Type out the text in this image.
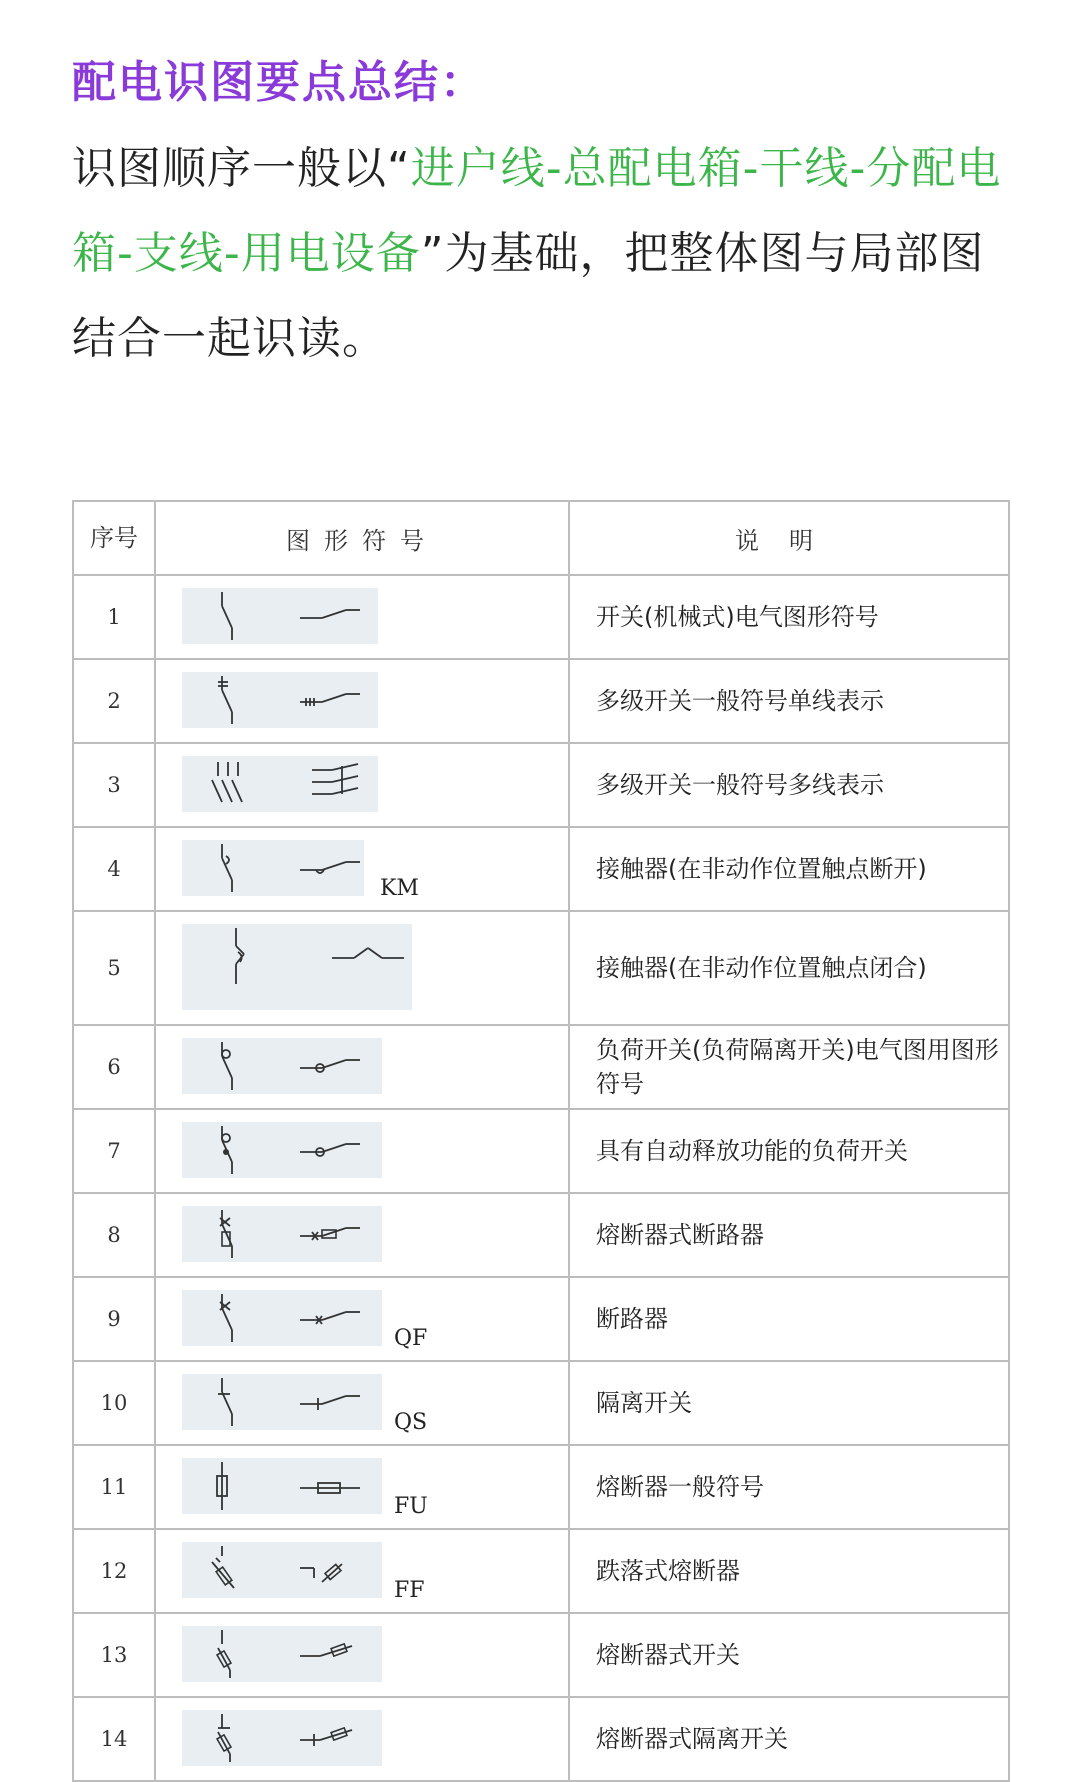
配电识图要点总结：
识图顺序一般以“进户线-总配电箱-干线-分配电箱-支线-用电设备”为基础，把整体图与局部图结合一起识读。
序号	图形符号	说明
1		开关(机械式)电气图形符号
2		多级开关一般符号单线表示
3		多级开关一般符号多线表示
4	KM	接触器(在非动作位置触点断开)
5		接触器(在非动作位置触点闭合)
6		负荷开关(负荷隔离开关)电气图用图形符号
7		具有自动释放功能的负荷开关
8		熔断器式断路器
9	QF	断路器
10	QS	隔离开关
11	FU	熔断器一般符号
12	FF	跌落式熔断器
13		熔断器式开关
14		熔断器式隔离开关
